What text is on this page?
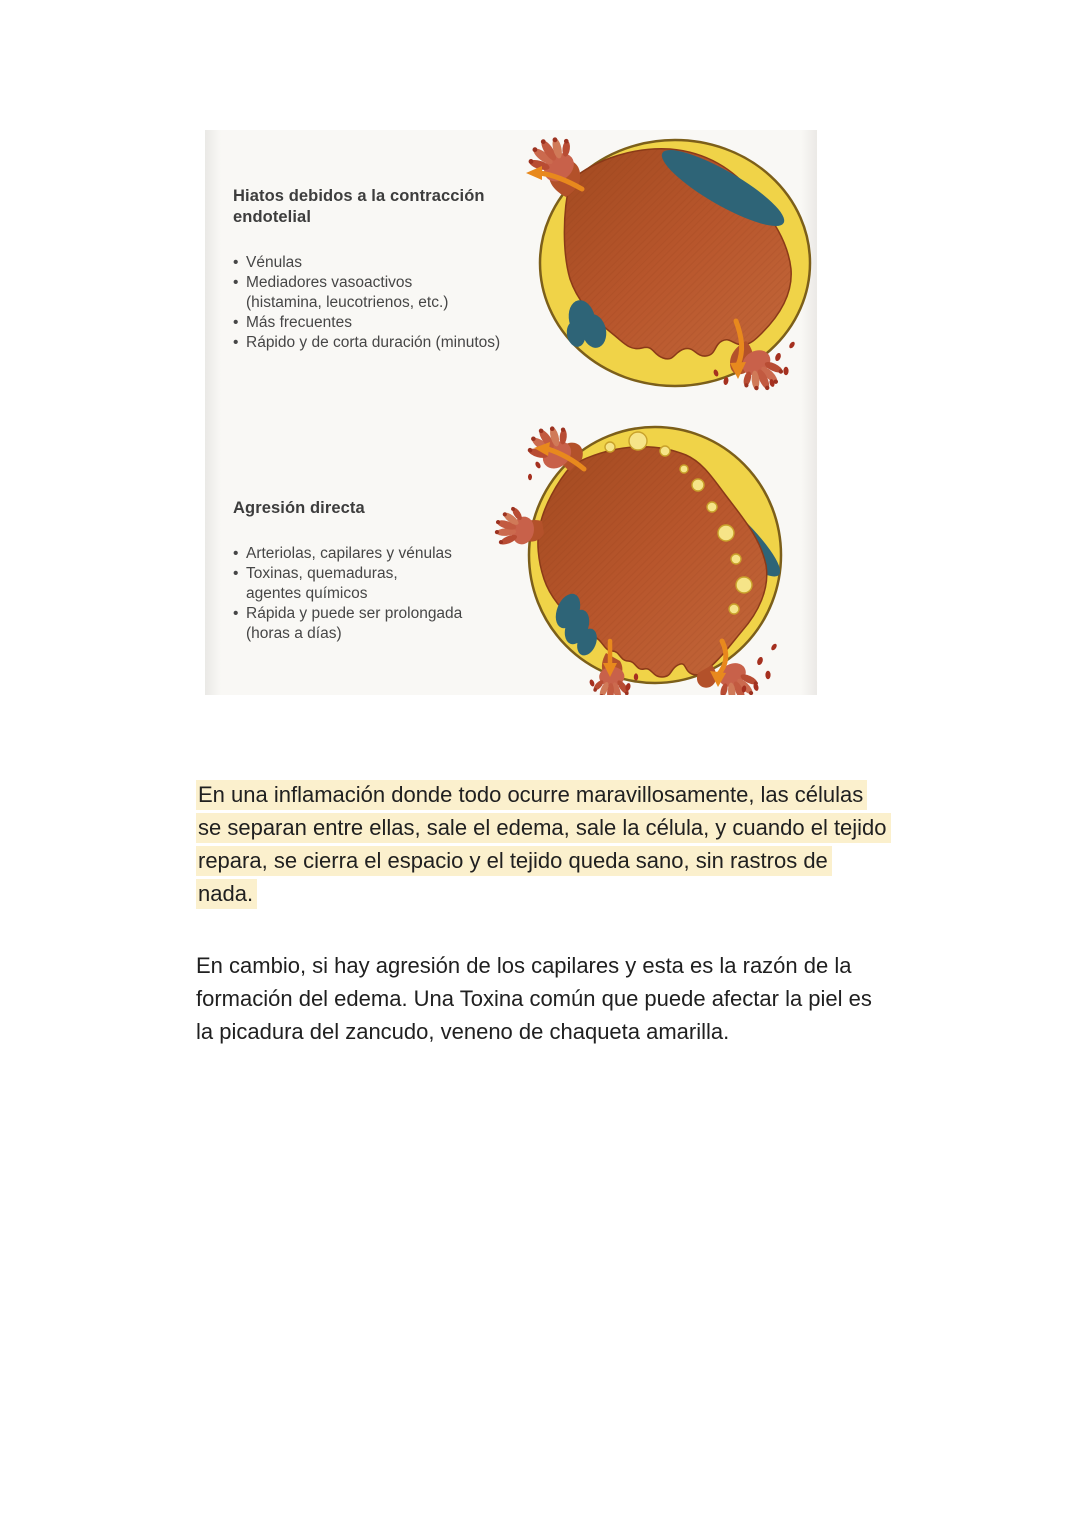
Hiatos debidos a la contracción endotelial
• Vénulas
• Mediadores vasoactivos
(histamina, leucotrienos, etc.)
• Más frecuentes
• Rápido y de corta duración (minutos)
Agresión directa
• Arteriolas, capilares y vénulas
• Toxinas, quemaduras,
agentes químicos
• Rápida y puede ser prolongada
(horas a días)
En una inflamación donde todo ocurre maravillosamente, las células
se separan entre ellas, sale el edema, sale la célula, y cuando el tejido
repara, se cierra el espacio y el tejido queda sano, sin rastros de
nada.
En cambio, si hay agresión de los capilares y esta es la razón de la
formación del edema. Una Toxina común que puede afectar la piel es
la picadura del zancudo, veneno de chaqueta amarilla.
